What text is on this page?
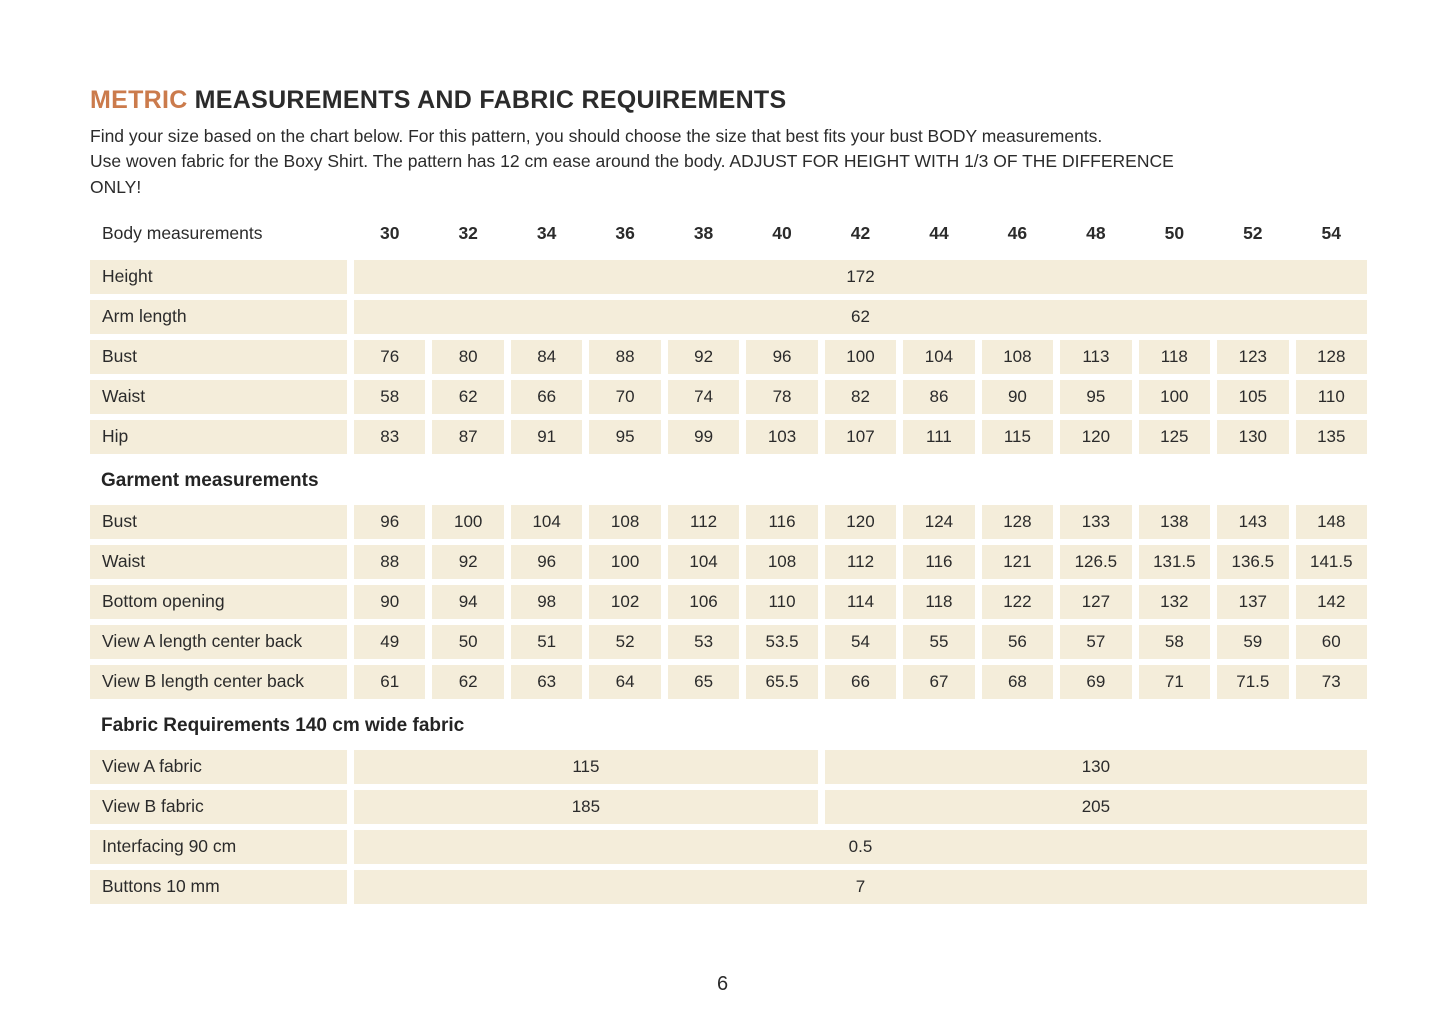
METRIC MEASUREMENTS AND FABRIC REQUIREMENTS
Find your size based on the chart below. For this pattern, you should choose the size that best fits your bust BODY measurements.
Use woven fabric for the Boxy Shirt. The pattern has 12 cm ease around the body. ADJUST FOR HEIGHT WITH 1/3 OF THE DIFFERENCE
ONLY!
Body measurements	30	32	34	36	38	40	42	44	46	48	50	52	54
Height	172
Arm length	62
Bust	76	80	84	88	92	96	100	104	108	113	118	123	128
Waist	58	62	66	70	74	78	82	86	90	95	100	105	110
Hip	83	87	91	95	99	103	107	111	115	120	125	130	135
Garment measurements
Bust	96	100	104	108	112	116	120	124	128	133	138	143	148
Waist	88	92	96	100	104	108	112	116	121	126.5	131.5	136.5	141.5
Bottom opening	90	94	98	102	106	110	114	118	122	127	132	137	142
View A length center back	49	50	51	52	53	53.5	54	55	56	57	58	59	60
View B length center back	61	62	63	64	65	65.5	66	67	68	69	71	71.5	73
Fabric Requirements 140 cm wide fabric
View A fabric	115	130
View B fabric	185	205
Interfacing 90 cm	0.5
Buttons 10 mm	7
6
